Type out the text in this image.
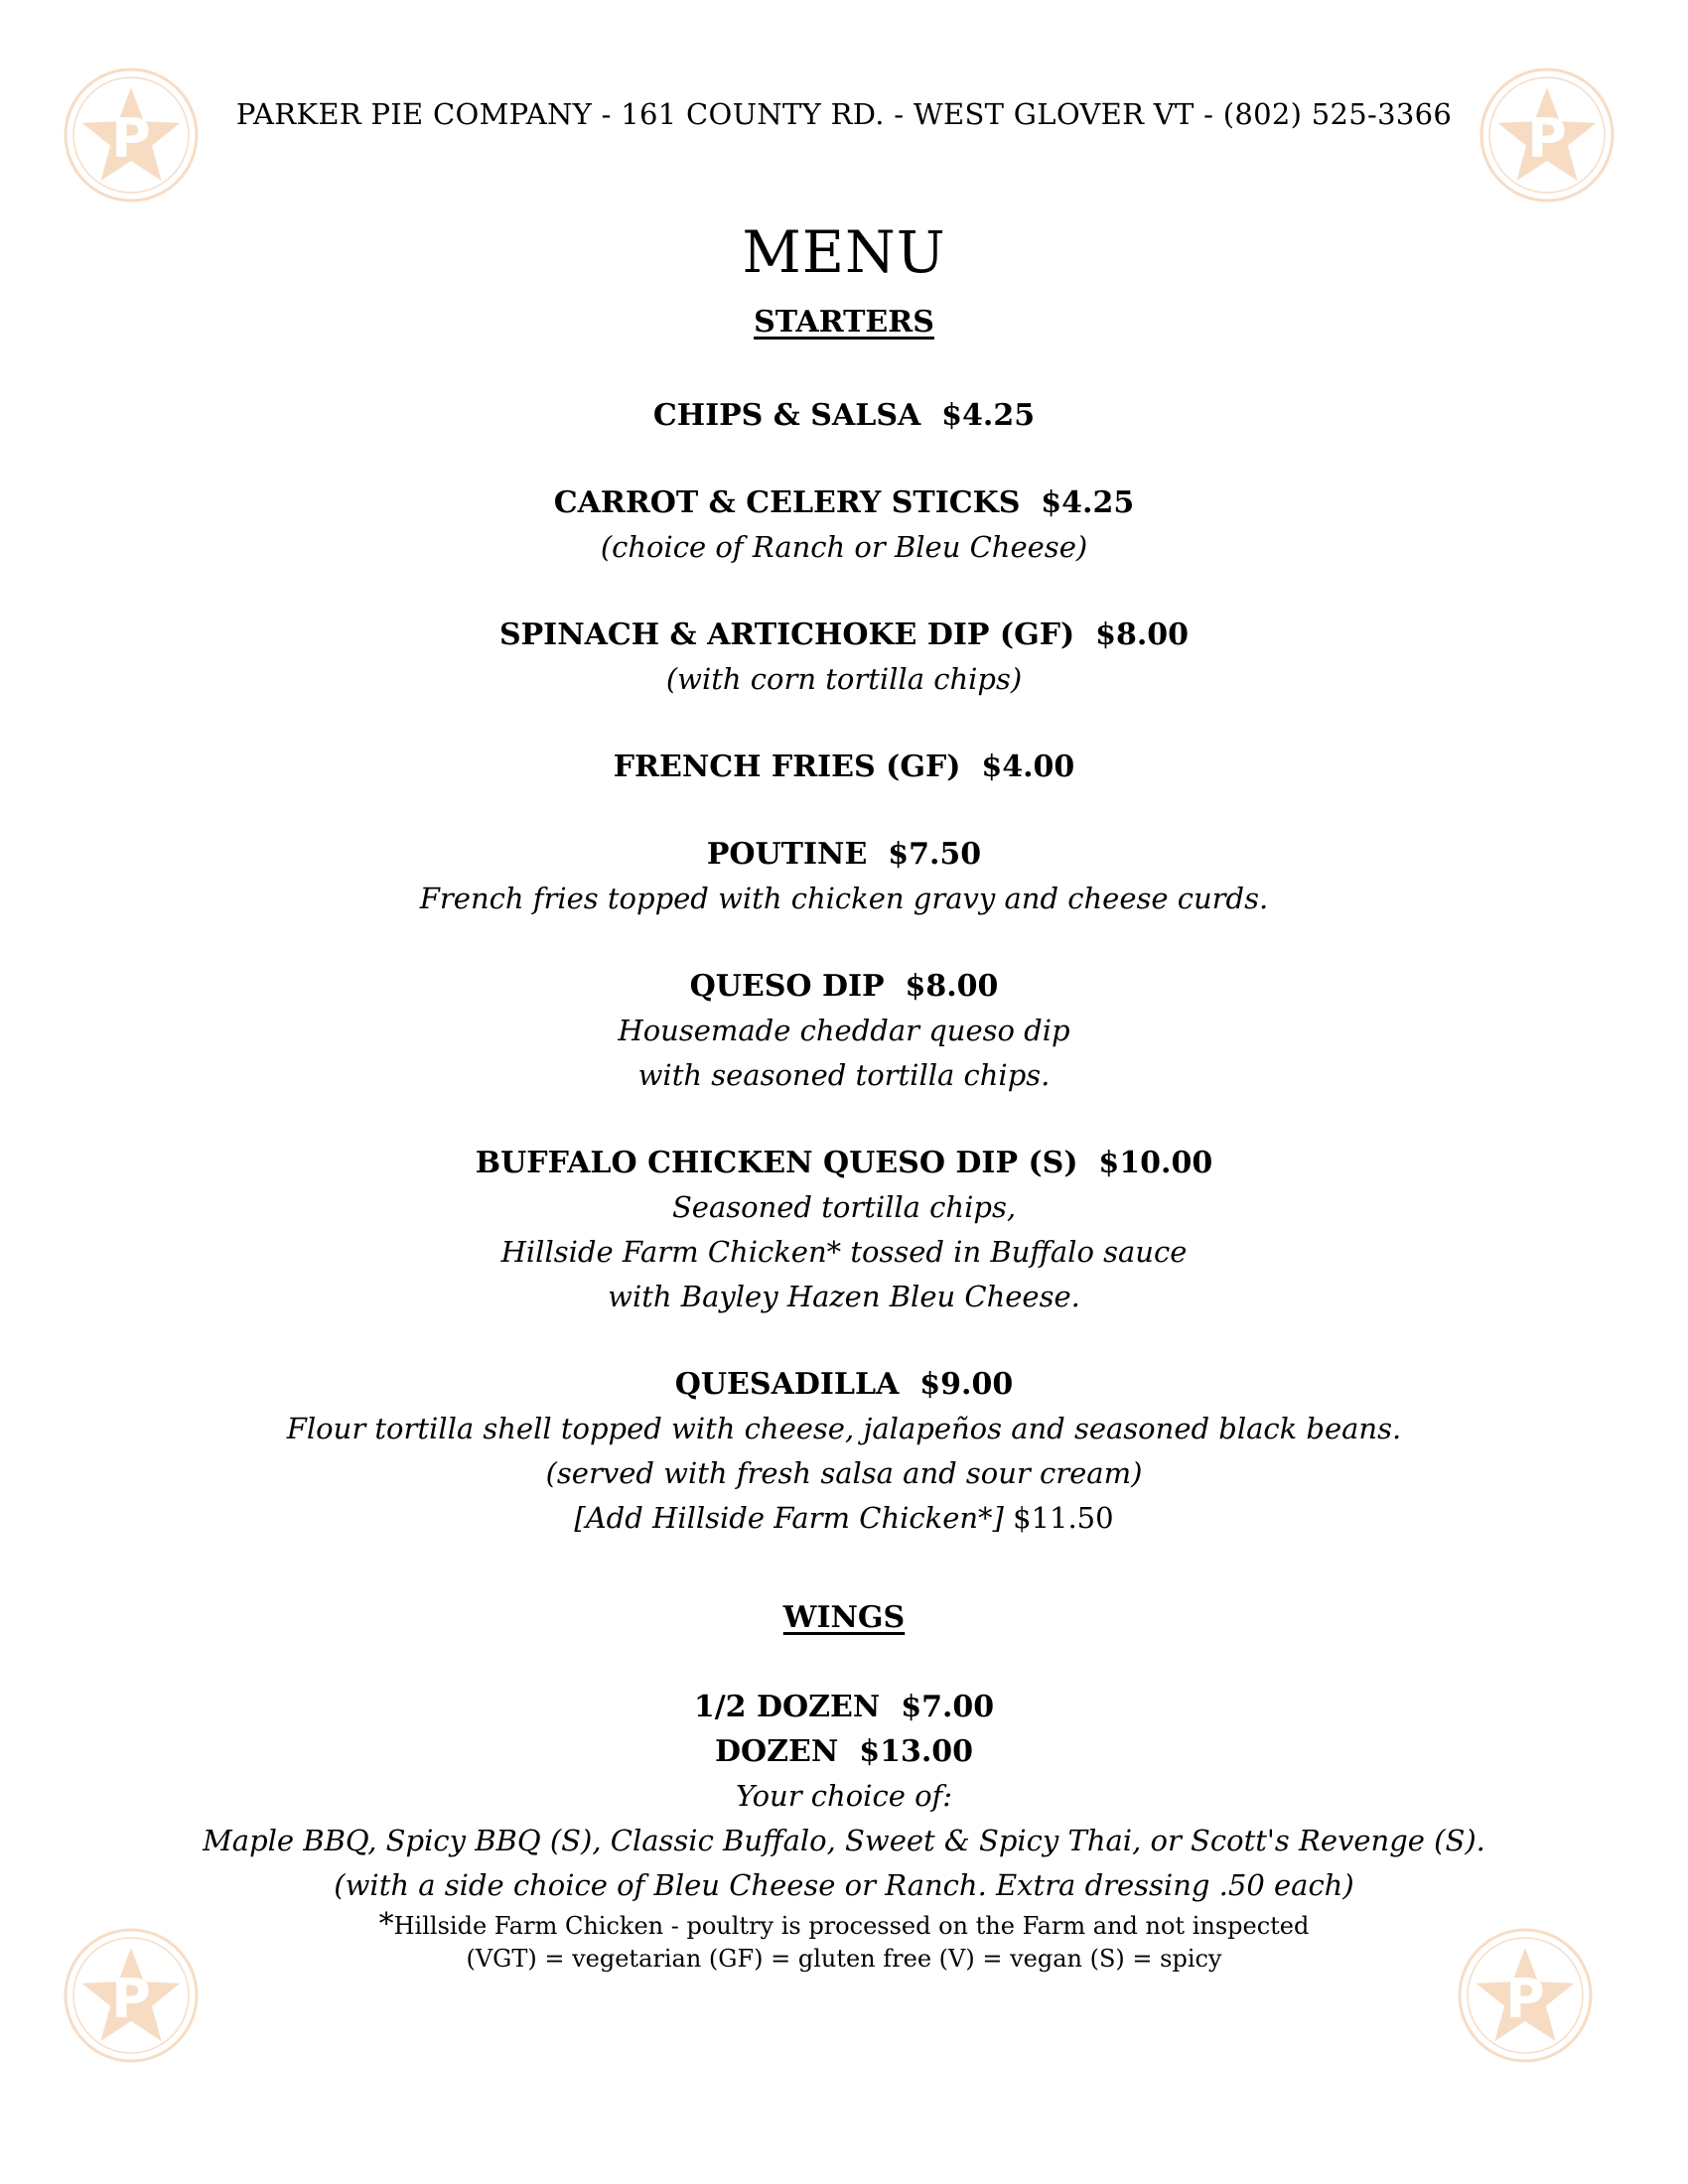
P	P
P	P
PARKER PIE COMPANY - 161 COUNTY RD. - WEST GLOVER VT - (802) 525-3366
MENU
STARTERS
CHIPS & SALSA  $4.25
CARROT & CELERY STICKS  $4.25
(choice of Ranch or Bleu Cheese)
SPINACH & ARTICHOKE DIP (GF)  $8.00
(with corn tortilla chips)
FRENCH FRIES (GF)  $4.00
POUTINE  $7.50
French fries topped with chicken gravy and cheese curds.
QUESO DIP  $8.00
Housemade cheddar queso dip
with seasoned tortilla chips.
BUFFALO CHICKEN QUESO DIP (S)  $10.00
Seasoned tortilla chips,
Hillside Farm Chicken* tossed in Buffalo sauce
with Bayley Hazen Bleu Cheese.
QUESADILLA  $9.00
Flour tortilla shell topped with cheese, jalapeños and seasoned black beans.
(served with fresh salsa and sour cream)
[Add Hillside Farm Chicken*] $11.50
WINGS
1/2 DOZEN  $7.00
DOZEN  $13.00
Your choice of:
Maple BBQ, Spicy BBQ (S), Classic Buffalo, Sweet & Spicy Thai, or Scott's Revenge (S).
(with a side choice of Bleu Cheese or Ranch. Extra dressing .50 each)
*Hillside Farm Chicken - poultry is processed on the Farm and not inspected
(VGT) = vegetarian (GF) = gluten free (V) = vegan (S) = spicy
